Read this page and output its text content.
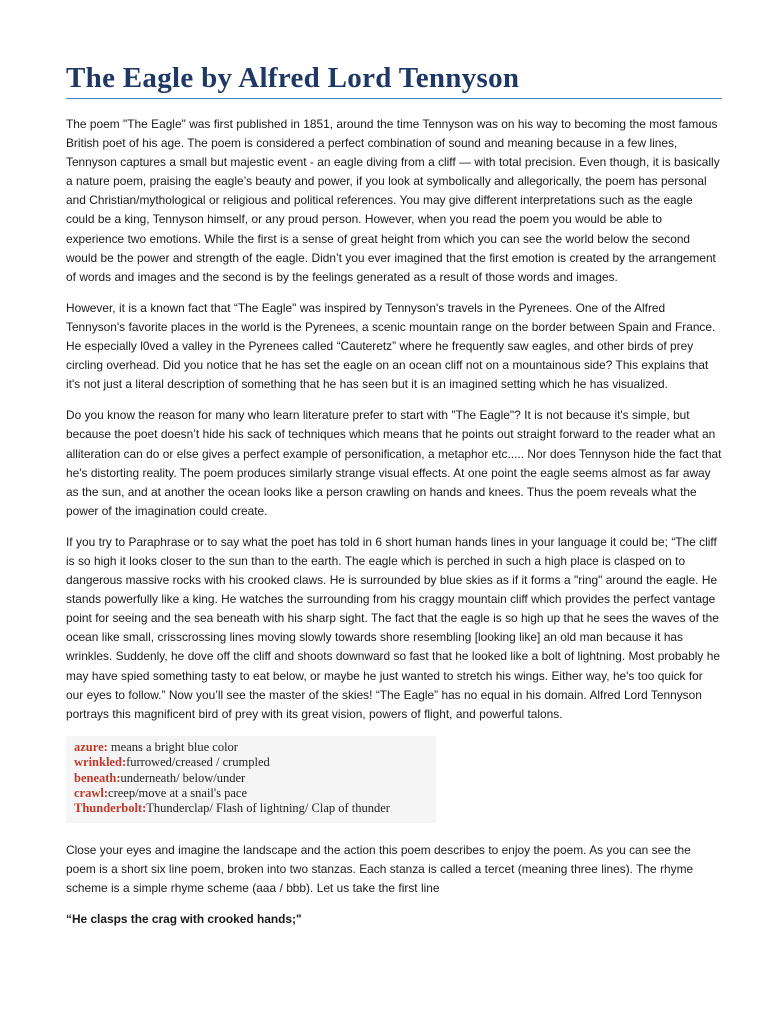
The Eagle by Alfred Lord Tennyson

The poem "The Eagle" was first published in 1851, around the time Tennyson was on his way to becoming the most famous British poet of his age. The poem is considered a perfect combination of sound and meaning because in a few lines, Tennyson captures a small but majestic event - an eagle diving from a cliff — with total precision. Even though, it is basically a nature poem, praising the eagle’s beauty and power, if you look at symbolically and allegorically, the poem has personal and Christian/mythological or religious and political references. You may give different interpretations such as the eagle could be a king, Tennyson himself, or any proud person. However, when you read the poem you would be able to experience two emotions. While the first is a sense of great height from which you can see the world below the second would be the power and strength of the eagle. Didn’t you ever imagined that the first emotion is created by the arrangement of words and images and the second is by the feelings generated as a result of those words and images.

However, it is a known fact that “The Eagle" was inspired by Tennyson's travels in the Pyrenees. One of the Alfred Tennyson's favorite places in the world is the Pyrenees, a scenic mountain range on the border between Spain and France. He especially l0ved a valley in the Pyrenees called “Cauteretz” where he frequently saw eagles, and other birds of prey circling overhead. Did you notice that he has set the eagle on an ocean cliff not on a mountainous side? This explains that it's not just a literal description of something that he has seen but it is an imagined setting which he has visualized.

Do you know the reason for many who learn literature prefer to start with "The Eagle"? It is not because it's simple, but because the poet doesn’t hide his sack of techniques which means that he points out straight forward to the reader what an alliteration can do or else gives a perfect example of personification, a metaphor etc..... Nor does Tennyson hide the fact that he's distorting reality. The poem produces similarly strange visual effects. At one point the eagle seems almost as far away as the sun, and at another the ocean looks like a person crawling on hands and knees. Thus the poem reveals what the power of the imagination could create.

If you try to Paraphrase or to say what the poet has told in 6 short human hands lines in your language it could be; “The cliff is so high it looks closer to the sun than to the earth. The eagle which is perched in such a high place is clasped on to dangerous massive rocks with his crooked claws. He is surrounded by blue skies as if it forms a "ring" around the eagle. He stands powerfully like a king. He watches the surrounding from his craggy mountain cliff which provides the perfect vantage point for seeing and the sea beneath with his sharp sight. The fact that the eagle is so high up that he sees the waves of the ocean like small, crisscrossing lines moving slowly towards shore resembling [looking like] an old man because it has wrinkles. Suddenly, he dove off the cliff and shoots downward so fast that he looked like a bolt of lightning. Most probably he may have spied something tasty to eat below, or maybe he just wanted to stretch his wings. Either way, he's too quick for our eyes to follow.” Now you’ll see the master of the skies! “The Eagle” has no equal in his domain. Alfred Lord Tennyson portrays this magnificent bird of prey with its great vision, powers of flight, and powerful talons.

azure: means a bright blue color
wrinkled:furrowed/creased / crumpled
beneath:underneath/ below/under
crawl:creep/move at a snail's pace
Thunderbolt:Thunderclap/ Flash of lightning/ Clap of thunder

Close your eyes and imagine the landscape and the action this poem describes to enjoy the poem. As you can see the poem is a short six line poem, broken into two stanzas. Each stanza is called a tercet (meaning three lines). The rhyme scheme is a simple rhyme scheme (aaa / bbb). Let us take the first line

“He clasps the crag with crooked hands;"
